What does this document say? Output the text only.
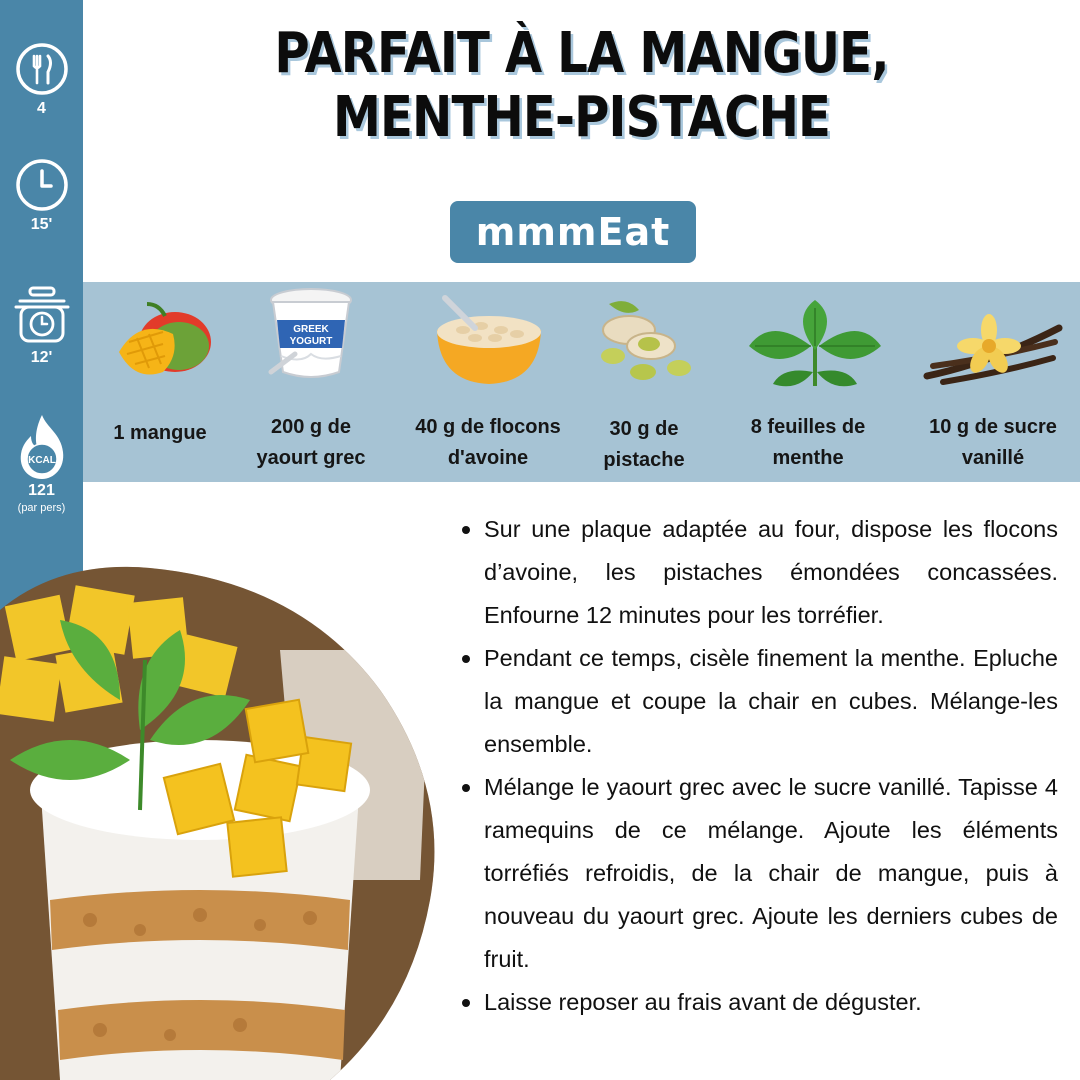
4
15'
12'
KCAL
121
(par pers)
PARFAIT À LA MANGUE,
MENTHE-PISTACHE
mmmEat
1 mangue
GREEK
YOGURT
200 g de
yaourt grec
40 g de flocons
d'avoine
30 g de
pistache
8 feuilles de
menthe
10 g de sucre
vanillé
Sur une plaque adaptée au four, dispose les flocons d’avoine, les pistaches émondées concassées. Enfourne 12 minutes pour les torréfier.
Pendant ce temps, cisèle finement la menthe. Epluche la mangue et coupe la chair en cubes. Mélange-les ensemble.
Mélange le yaourt grec avec le sucre vanillé. Tapisse 4 ramequins de ce mélange. Ajoute les éléments torréfiés refroidis, de la chair de mangue, puis à nouveau du yaourt grec. Ajoute les derniers cubes de fruit.
Laisse reposer au frais avant de déguster.
